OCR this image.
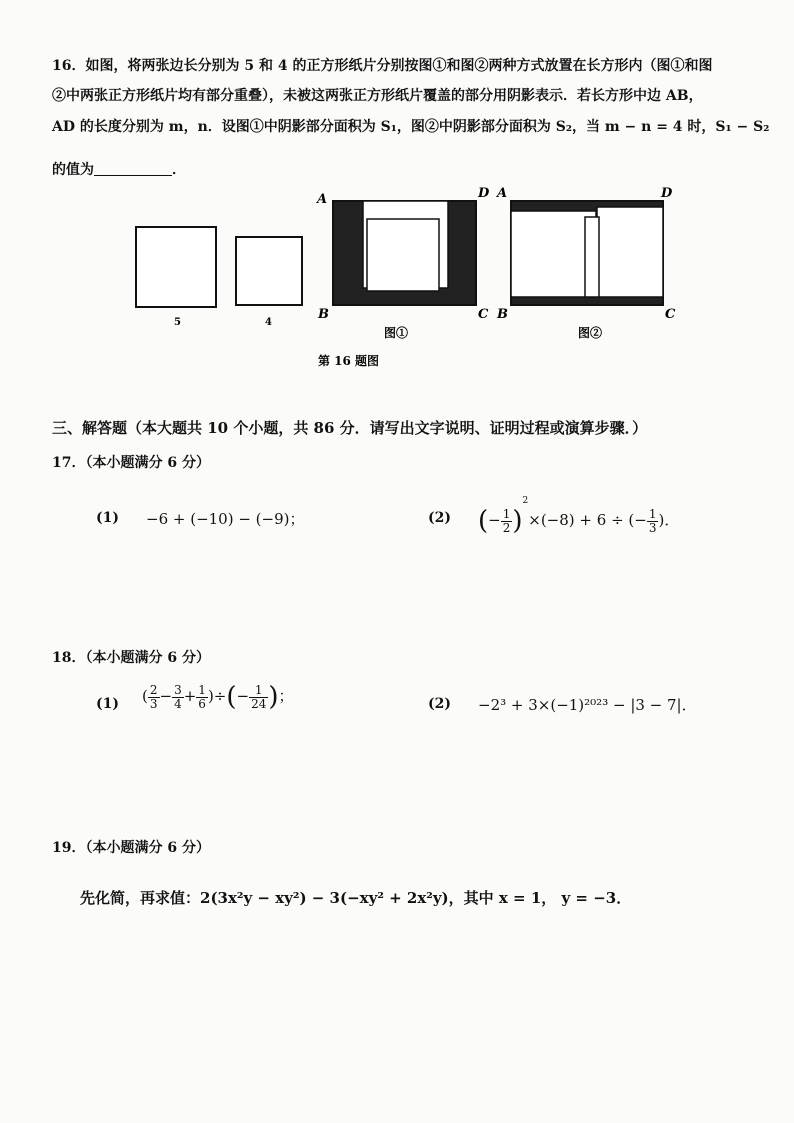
16．如图，将两张边长分别为 5 和 4 的正方形纸片分别按图①和图②两种方式放置在长方形内（图①和图
②中两张正方形纸片均有部分重叠），未被这两张正方形纸片覆盖的部分用阴影表示．若长方形中边 AB，
AD 的长度分别为 m，n．设图①中阴影部分面积为 S₁，图②中阴影部分面积为 S₂，当 m − n = 4 时，S₁ − S₂
的值为	．
5	4
A	D
B	C
图①
A	D
B	C
图②
第 16 题图
三、解答题（本大题共 10 个小题，共 86 分．请写出文字说明、证明过程或演算步骤．）
17．（本小题满分 6 分）
(1) −6 + (−10) − (−9)；	(2) (− $\frac{1}{2} )^2\times(-8) + 6$ ÷ (− $\frac{1}{3}$ )．
18．（本小题满分 6 分）
(1) ( $\frac{2}{3} - \frac{3}{4} + \frac{1}{6}$ )÷(− $\frac{1}{24}$ )；	(2) −2³ + 3×(−1)²⁰²³ − |3 − 7|．
19．（本小题满分 6 分）
先化简，再求值：2(3x²y − xy²) − 3(−xy² + 2x²y)，其中 x = 1， y = −3．
